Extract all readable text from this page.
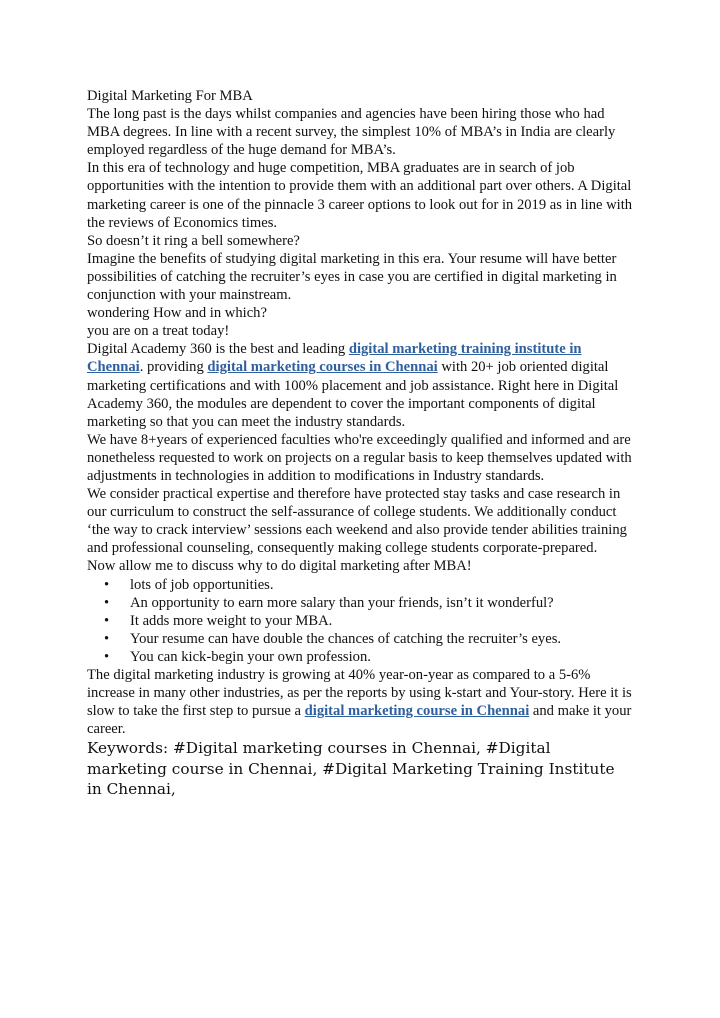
Digital Marketing For MBA

The long past is the days whilst companies and agencies have been hiring those who had MBA degrees. In line with a recent survey, the simplest 10% of MBA’s in India are clearly employed regardless of the huge demand for MBA’s.

In this era of technology and huge competition, MBA graduates are in search of job opportunities with the intention to provide them with an additional part over others. A Digital marketing career is one of the pinnacle 3 career options to look out for in 2019 as in line with the reviews of Economics times.

So doesn’t it ring a bell somewhere?

Imagine the benefits of studying digital marketing in this era. Your resume will have better possibilities of catching the recruiter’s eyes in case you are certified in digital marketing in conjunction with your mainstream.

wondering How and in which?

you are on a treat today!

Digital Academy 360 is the best and leading digital marketing training institute in Chennai. providing digital marketing courses in Chennai with 20+ job oriented digital marketing certifications and with 100% placement and job assistance. Right here in Digital Academy 360, the modules are dependent to cover the important components of digital marketing so that you can meet the industry standards.

We have 8+years of experienced faculties who're exceedingly qualified and informed and are nonetheless requested to work on projects on a regular basis to keep themselves updated with adjustments in technologies in addition to modifications in Industry standards.

We consider practical expertise and therefore have protected stay tasks and case research in our curriculum to construct the self-assurance of college students. We additionally conduct ‘the way to crack interview’ sessions each weekend and also provide tender abilities training and professional counseling, consequently making college students corporate-prepared.

Now allow me to discuss why to do digital marketing after MBA!

• lots of job opportunities.
• An opportunity to earn more salary than your friends, isn’t it wonderful?
• It adds more weight to your MBA.
• Your resume can have double the chances of catching the recruiter’s eyes.
• You can kick-begin your own profession.

The digital marketing industry is growing at 40% year-on-year as compared to a 5-6% increase in many other industries, as per the reports by using k-start and Your-story. Here it is slow to take the first step to pursue a digital marketing course in Chennai and make it your career.

Keywords: #Digital marketing courses in Chennai, #Digital marketing course in Chennai, #Digital Marketing Training Institute in Chennai,
